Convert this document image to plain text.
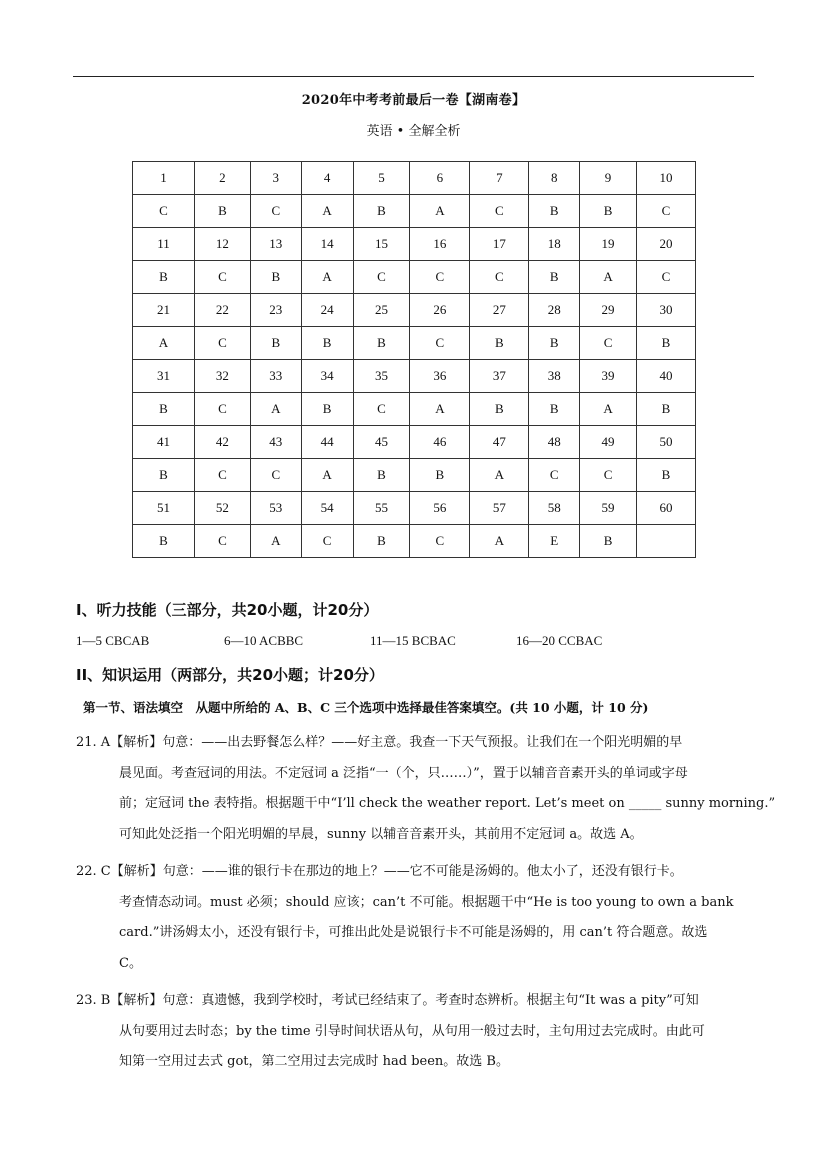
2020年中考考前最后一卷【湖南卷】
英语 • 全解全析
1	2	3	4	5	6	7	8	9	10
C	B	C	A	B	A	C	B	B	C
11	12	13	14	15	16	17	18	19	20
B	C	B	A	C	C	C	B	A	C
21	22	23	24	25	26	27	28	29	30
A	C	B	B	B	C	B	B	C	B
31	32	33	34	35	36	37	38	39	40
B	C	A	B	C	A	B	B	A	B
41	42	43	44	45	46	47	48	49	50
B	C	C	A	B	B	A	C	C	B
51	52	53	54	55	56	57	58	59	60
B	C	A	C	B	C	A	E	B	
I、听力技能（三部分，共20小题，计20分）
1—5 CBCAB	6—10 ACBBC	11—15 BCBAC	16—20 CCBAC
II、知识运用（两部分，共20小题；计20分）
第一节、语法填空　从题中所给的 A、B、C 三个选项中选择最佳答案填空。(共 10 小题，计 10 分)
21. A【解析】句意：——出去野餐怎么样？——好主意。我查一下天气预报。让我们在一个阳光明媚的早
晨见面。考查冠词的用法。不定冠词 a 泛指“一（个，只……）”，置于以辅音音素开头的单词或字母
前；定冠词 the 表特指。根据题干中“I’ll check the weather report. Let’s meet on _____ sunny morning.”
可知此处泛指一个阳光明媚的早晨，sunny 以辅音音素开头，其前用不定冠词 a。故选 A。
22. C【解析】句意：——谁的银行卡在那边的地上？——它不可能是汤姆的。他太小了，还没有银行卡。
考查情态动词。must 必须；should 应该；can’t 不可能。根据题干中“He is too young to own a bank
card.”讲汤姆太小，还没有银行卡，可推出此处是说银行卡不可能是汤姆的，用 can’t 符合题意。故选
C。
23. B【解析】句意：真遗憾，我到学校时，考试已经结束了。考查时态辨析。根据主句“It was a pity”可知
从句要用过去时态；by the time 引导时间状语从句，从句用一般过去时，主句用过去完成时。由此可
知第一空用过去式 got，第二空用过去完成时 had been。故选 B。
